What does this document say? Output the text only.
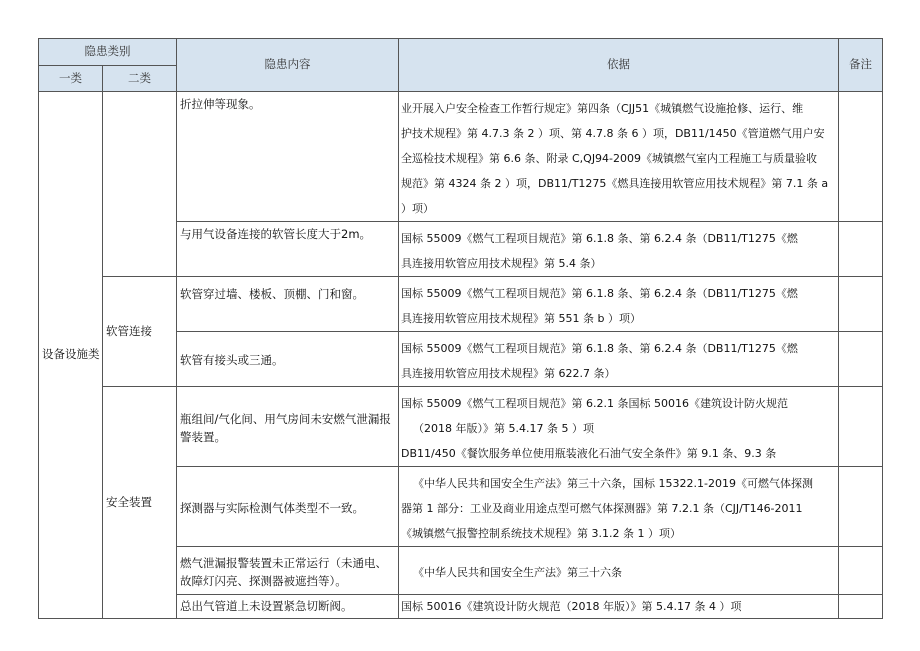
隐患类别		隐患内容	依据	备注
一类	二类			
设备设施类		折拉伸等现象。	业开展入户安全检查工作暂行规定》第四条（CJJ51《城镇燃气设施抢修、运行、维
护技术规程》第 4.7.3 条 2 ）项、第 4.7.8 条 6 ）项，DB11/1450《管道燃气用户安
全巡检技术规程》第 6.6 条、附录 C,QJ94-2009《城镇燃气室内工程施工与质量验收
规范》第 4324 条 2 ）项，DB11/T1275《燃具连接用软管应用技术规程》第 7.1 条 a
）项）	

		与用气设备连接的软管长度大于2m。	国标 55009《燃气工程项目规范》第 6.1.8 条、第 6.2.4 条（DB11/T1275《燃
具连接用软管应用技术规程》第 5.4 条）	

	软管连接	软管穿过墙、楼板、顶棚、门和窗。	国标 55009《燃气工程项目规范》第 6.1.8 条、第 6.2.4 条（DB11/T1275《燃
具连接用软管应用技术规程》第 551 条 b ）项）	

		软管有接头或三通。	国标 55009《燃气工程项目规范》第 6.1.8 条、第 6.2.4 条（DB11/T1275《燃
具连接用软管应用技术规程》第 622.7 条）	

	安全装置	瓶组间/气化间、用气房间未安燃气泄漏报警装置。	国标 55009《燃气工程项目规范》第 6.2.1 条国标 50016《建筑设计防火规范
（2018 年版）》第 5.4.17 条 5 ）项
DB11/450《餐饮服务单位使用瓶装液化石油气安全条件》第 9.1 条、9.3 条	

		探测器与实际检测气体类型不一致。	《中华人民共和国安全生产法》第三十六条，国标 15322.1-2019《可燃气体探测
器第 1 部分：工业及商业用途点型可燃气体探测器》第 7.2.1 条（CJJ/T146-2011
《城镇燃气报警控制系统技术规程》第 3.1.2 条 1 ）项）	

		燃气泄漏报警装置未正常运行（未通电、故障灯闪亮、探测器被遮挡等）。	《中华人民共和国安全生产法》第三十六条	

		总出气管道上未设置紧急切断阀。	国标 50016《建筑设计防火规范（2018 年版）》第 5.4.17 条 4 ）项	
